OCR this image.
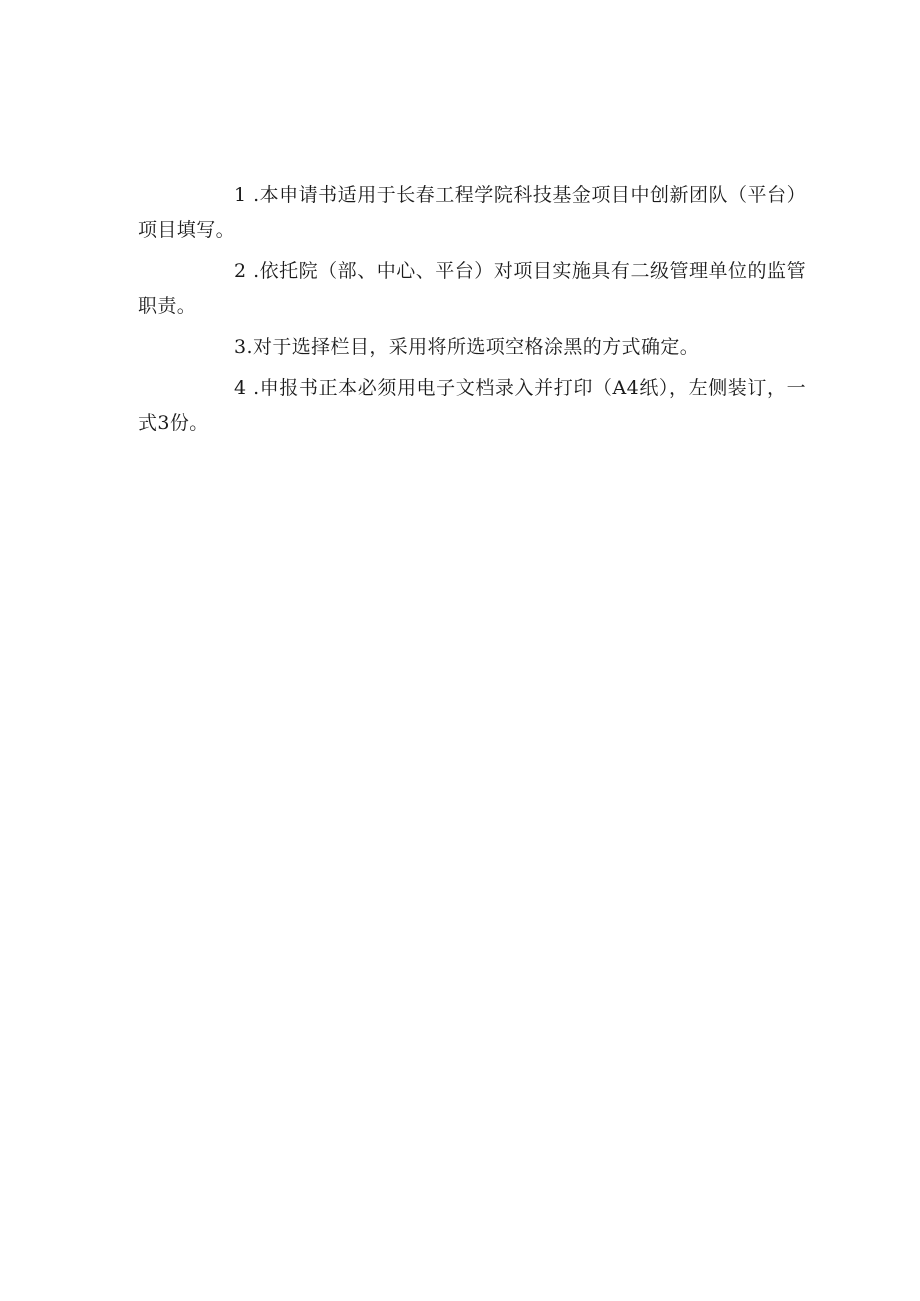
1 .本申请书适用于长春工程学院科技基金项目中创新团队（平台）项目填写。

2 .依托院（部、中心、平台）对项目实施具有二级管理单位的监管职责。

3.对于选择栏目，采用将所选项空格涂黑的方式确定。

4 .申报书正本必须用电子文档录入并打印（A4纸），左侧装订，一式3份。
